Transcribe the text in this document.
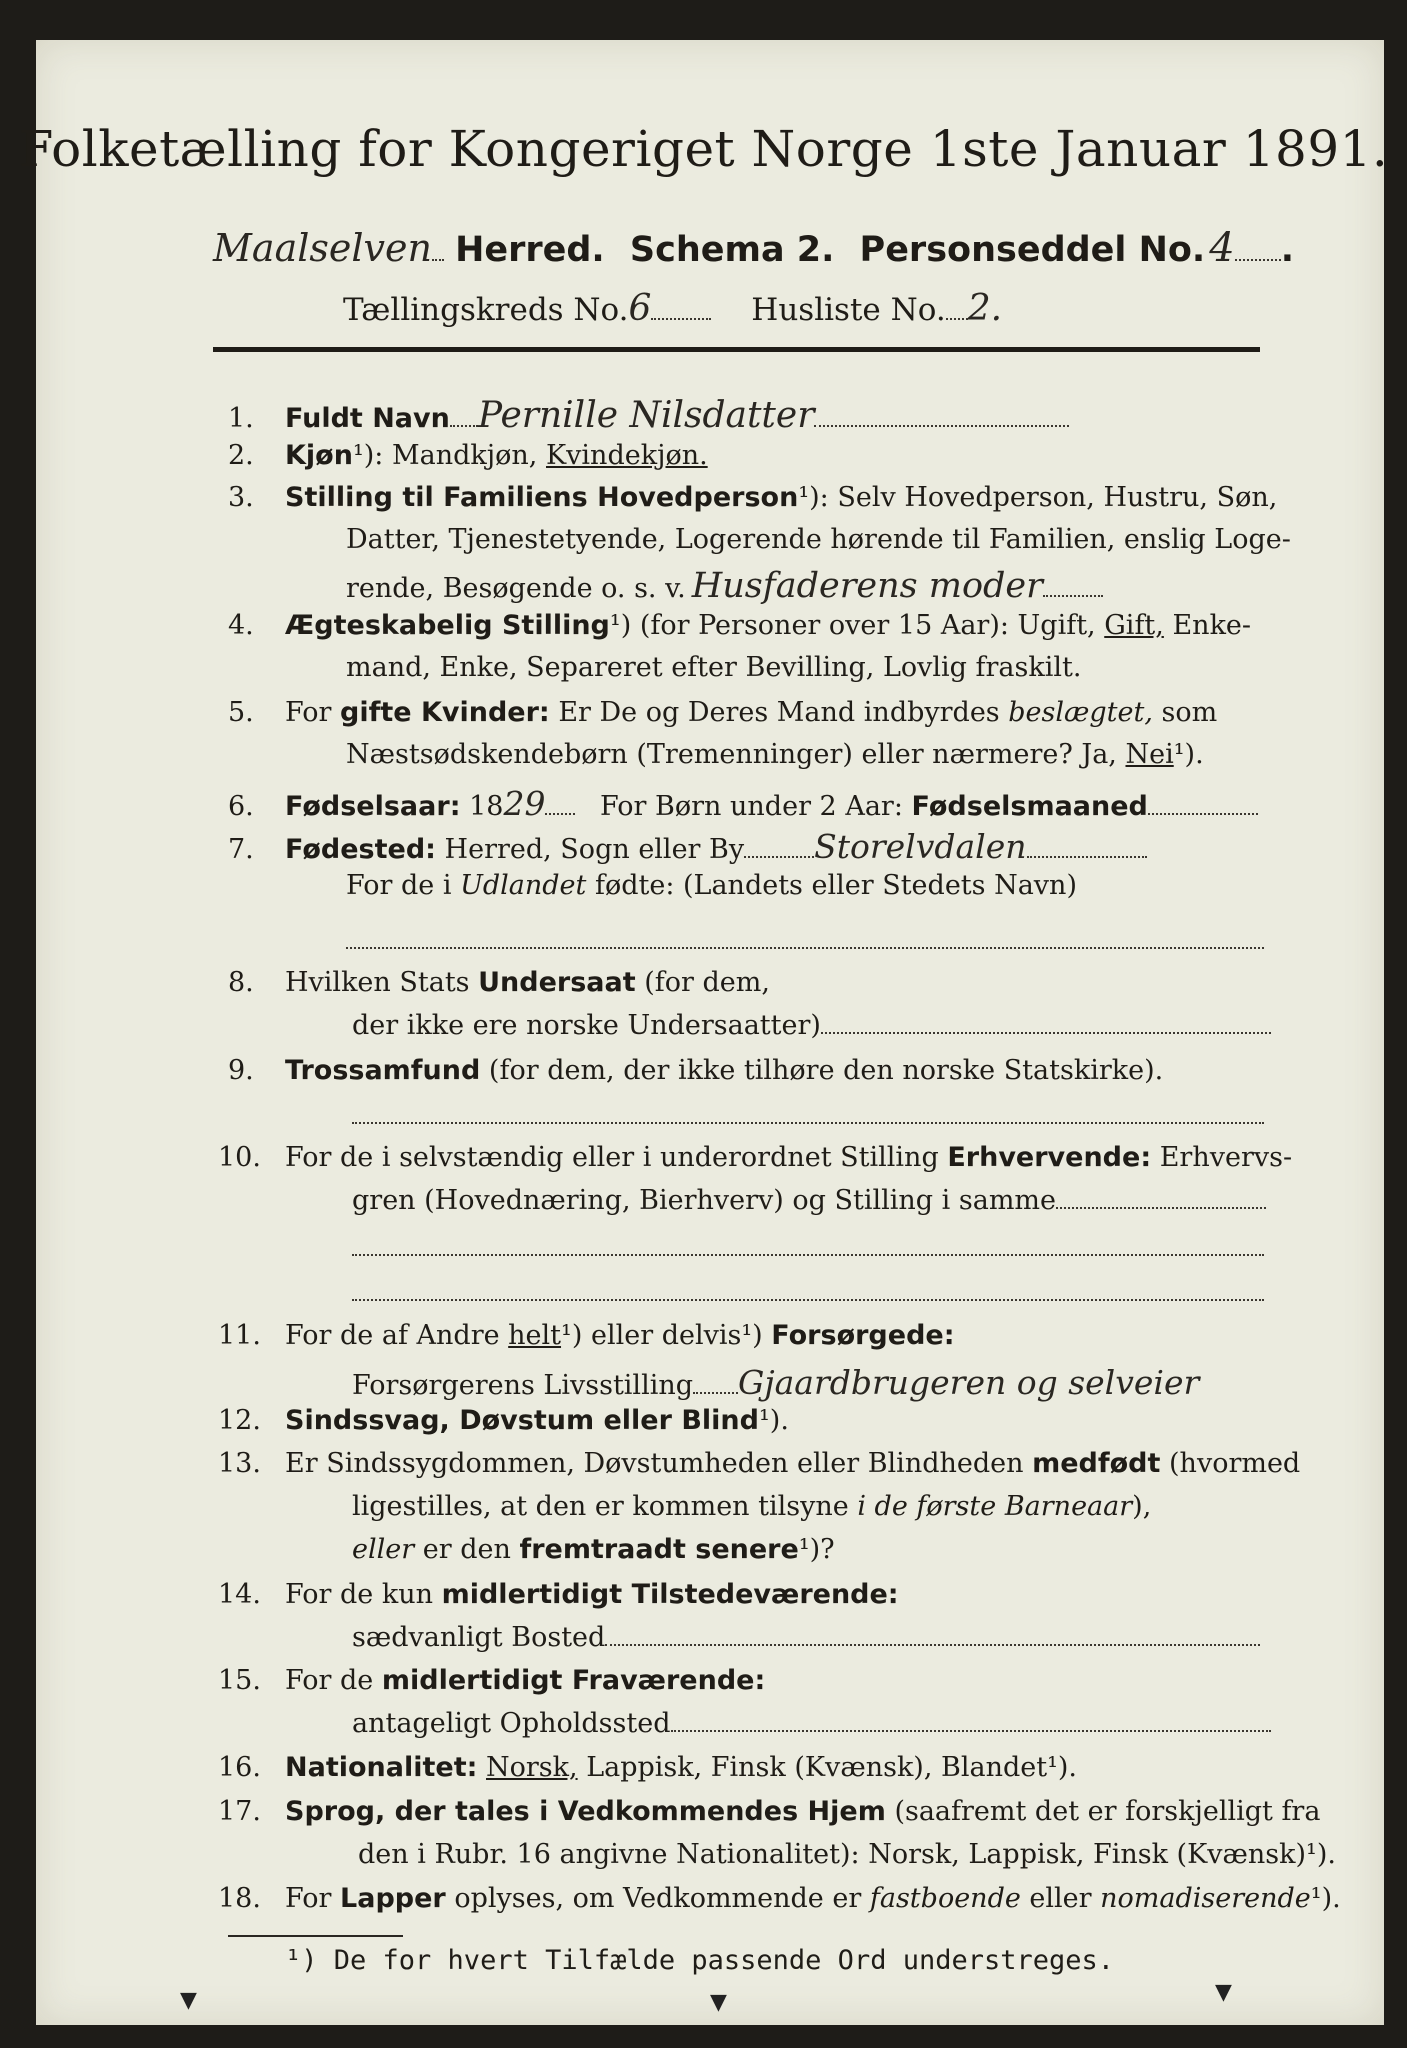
Folketælling for Kongeriget Norge 1ste Januar 1891.
Maalselven Herred. Schema 2. Personseddel No. 4 .
Tællingskreds No.6	Husliste No. 2.
1. Fuldt Navn Pernille Nilsdatter
2. Kjøn¹): Mandkjøn, Kvindekjøn.
3. Stilling til Familiens Hovedperson¹): Selv Hovedperson, Hustru, Søn,
Datter, Tjenestetyende, Logerende hørende til Familien, enslig Loge-
rende, Besøgende o. s. v. Husfaderens moder
4. Ægteskabelig Stilling¹) (for Personer over 15 Aar): Ugift, Gift, Enke-
mand, Enke, Separeret efter Bevilling, Lovlig fraskilt.
5. For gifte Kvinder: Er De og Deres Mand indbyrdes beslægtet, som
Næstsødskendebørn (Tremenninger) eller nærmere? Ja, Nei¹).
6. Fødselsaar: 1829 For Børn under 2 Aar: Fødselsmaaned
7. Fødested: Herred, Sogn eller By Storelvdalen
For de i Udlandet fødte: (Landets eller Stedets Navn)
8. Hvilken Stats Undersaat (for dem,
der ikke ere norske Undersaatter)
9. Trossamfund (for dem, der ikke tilhøre den norske Statskirke).
10. For de i selvstændig eller i underordnet Stilling Erhvervende: Erhvervs-
gren (Hovednæring, Bierhverv) og Stilling i samme
11. For de af Andre helt¹) eller delvis¹) Forsørgede:
Forsørgerens Livsstilling Gjaardbrugeren og selveier
12. Sindssvag, Døvstum eller Blind¹).
13. Er Sindssygdommen, Døvstumheden eller Blindheden medfødt (hvormed
ligestilles, at den er kommen tilsyne i de første Barneaar),
eller er den fremtraadt senere¹)?
14. For de kun midlertidigt Tilstedeværende:
sædvanligt Bosted
15. For de midlertidigt Fraværende:
antageligt Opholdssted
16. Nationalitet: Norsk, Lappisk, Finsk (Kvænsk), Blandet¹).
17. Sprog, der tales i Vedkommendes Hjem (saafremt det er forskjelligt fra
den i Rubr. 16 angivne Nationalitet): Norsk, Lappisk, Finsk (Kvænsk)¹).
18. For Lapper oplyses, om Vedkommende er fastboende eller nomadiserende¹).
¹) De for hvert Tilfælde passende Ord understreges.
▼	▼	▼
